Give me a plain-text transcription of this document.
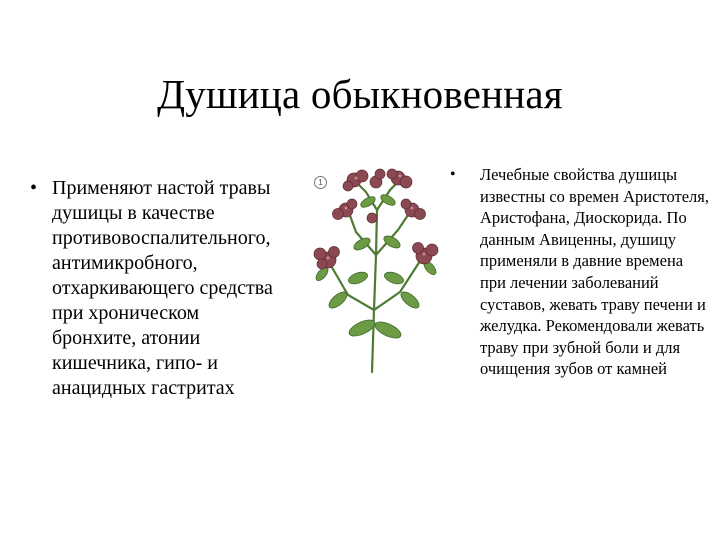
Душица обыкновенная
• Применяют настой травы душицы в качестве противовоспалительного, антимикробного, отхаркивающего средства при хроническом бронхите, атонии кишечника, гипо- и анацидных гастритах
1	• Лечебные свойства душицы известны со времен Аристотеля, Аристофана, Диоскорида. По данным Авиценны, душицу применяли в давние времена при лечении заболеваний суставов, жевать траву печени и желудка. Рекомендовали жевать траву при зубной боли и для очищения зубов от камней
